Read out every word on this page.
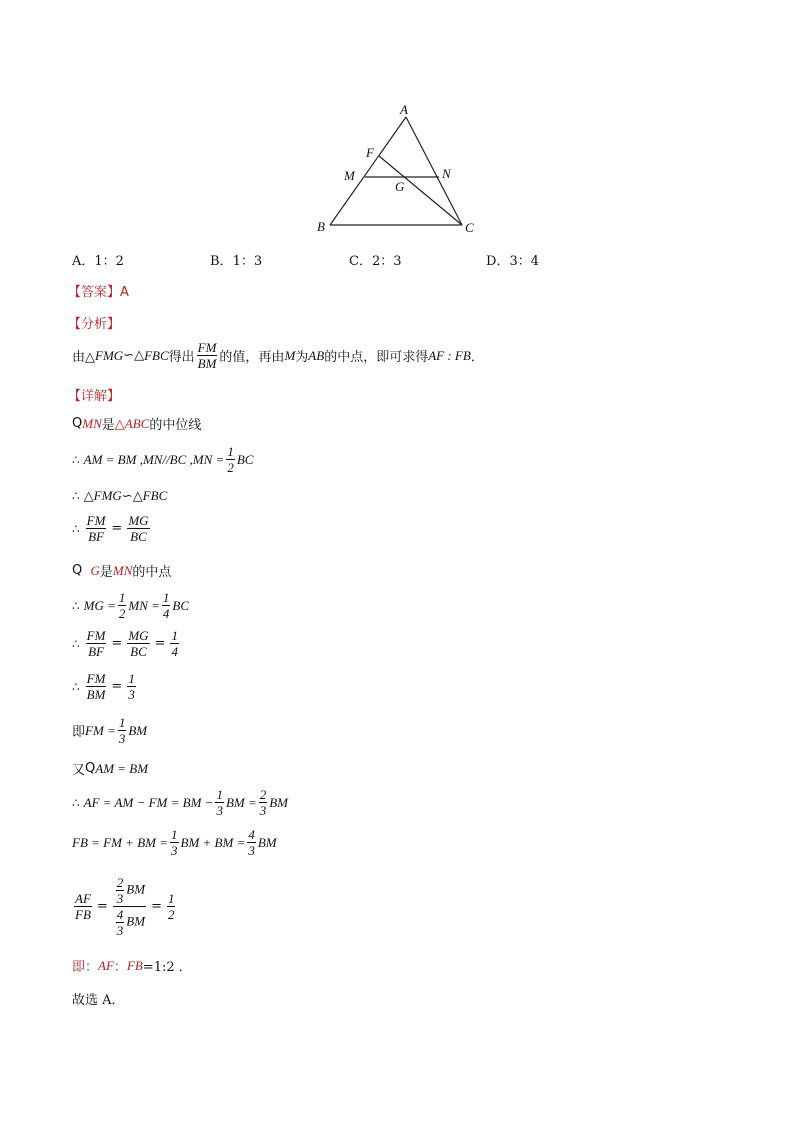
A
F
M	N
G
B	C
A．1：2	B．1：3	C．2：3	D．3：4
【答案】A
【分析】
由△ FMG ∽△ FBC 得出 $\frac{FM}{BM}$ 的值，再由 M 为 AB 的中点，即可求得 AF : FB ．
【详解】
Q MN 是 △ABC 的中位线
∴ AM = BM ,MN//BC $,MN = \frac{1}{2}$ BC
∴ △FMG∽△FBC
∴ $\frac{FM}{BF} = \frac{MG}{BC}$
Q
G 是 MN 的中点
∴ MG = $\frac{1}{2}$ MN = $\frac{1}{4}$ BC
∴ $\frac{FM}{BF} = \frac{MG}{BC} = \frac{1}{4}$
∴ $\frac{FM}{BM} = \frac{1}{3}$
即 FM = $\frac{1}{3}$ BM
又 Q AM = BM
∴ AF = AM − FM = BM − $\frac{1}{3}$ BM = $\frac{2}{3}$ BM
FB = FM + BM = $\frac{1}{3}$ BM + BM = $\frac{4}{3}$ BM
$\frac{AF}{FB} = \frac{\frac{2}{3} BM}{\frac{4}{3} BM} = \frac{1}{2}$
即： AF ： FB =1:2 ．
故选 A．
